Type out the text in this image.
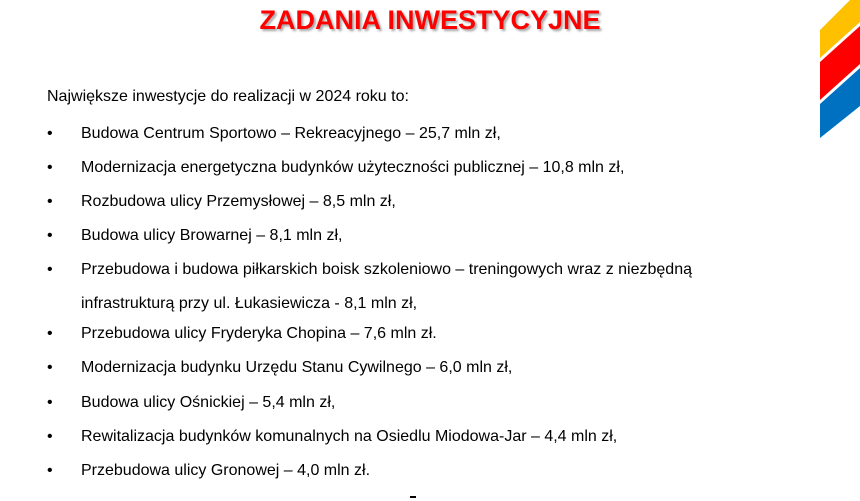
ZADANIA INWESTYCYJNE
Największe inwestycje do realizacji w 2024 roku to:
• Budowa Centrum Sportowo – Rekreacyjnego – 25,7 mln zł,
• Modernizacja energetyczna budynków użyteczności publicznej – 10,8 mln zł,
• Rozbudowa ulicy Przemysłowej – 8,5 mln zł,
• Budowa ulicy Browarnej – 8,1 mln zł,
• Przebudowa i budowa piłkarskich boisk szkoleniowo – treningowych wraz z niezbędną
infrastrukturą przy ul. Łukasiewicza - 8,1 mln zł,
• Przebudowa ulicy Fryderyka Chopina – 7,6 mln zł.
• Modernizacja budynku Urzędu Stanu Cywilnego – 6,0 mln zł,
• Budowa ulicy Ośnickiej – 5,4 mln zł,
• Rewitalizacja budynków komunalnych na Osiedlu Miodowa-Jar – 4,4 mln zł,
• Przebudowa ulicy Gronowej – 4,0 mln zł.
